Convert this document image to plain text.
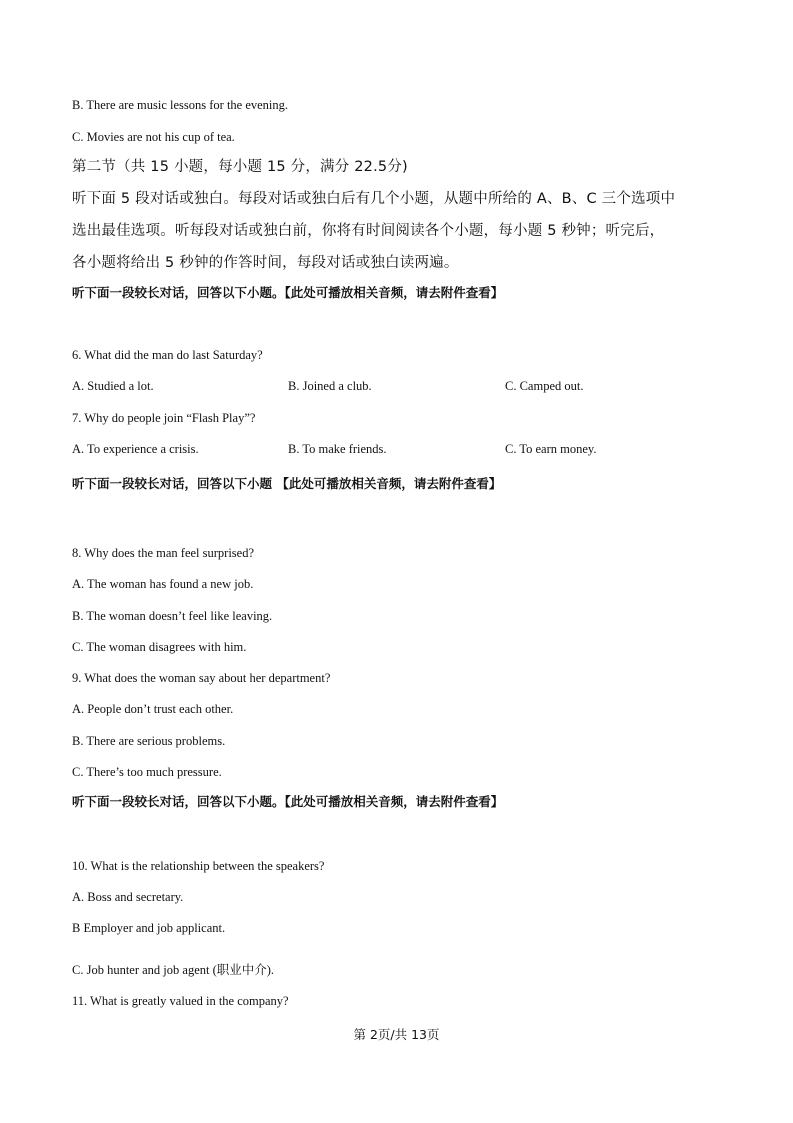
B. There are music lessons for the evening.
C. Movies are not his cup of tea.
第二节（共 15 小题，每小题 15 分，满分 22.5分)
听下面 5 段对话或独白。每段对话或独白后有几个小题，从题中所给的 A、B、C 三个选项中
选出最佳选项。听每段对话或独白前，你将有时间阅读各个小题，每小题 5 秒钟；听完后，
各小题将给出 5 秒钟的作答时间，每段对话或独白读两遍。
听下面一段较长对话，回答以下小题。【此处可播放相关音频，请去附件查看】
6. What did the man do last Saturday?
A. Studied a lot.	B. Joined a club.	C. Camped out.
7. Why do people join “Flash Play”?
A. To experience a crisis.	B. To make friends.	C. To earn money.
听下面一段较长对话，回答以下小题 【此处可播放相关音频，请去附件查看】
8. Why does the man feel surprised?
A. The woman has found a new job.
B. The woman doesn’t feel like leaving.
C. The woman disagrees with him.
9. What does the woman say about her department?
A. People don’t trust each other.
B. There are serious problems.
C. There’s too much pressure.
听下面一段较长对话，回答以下小题。【此处可播放相关音频，请去附件查看】
10. What is the relationship between the speakers?
A. Boss and secretary.
B Employer and job applicant.
C. Job hunter and job agent (职业中介).
11. What is greatly valued in the company?
第 2页/共 13页
